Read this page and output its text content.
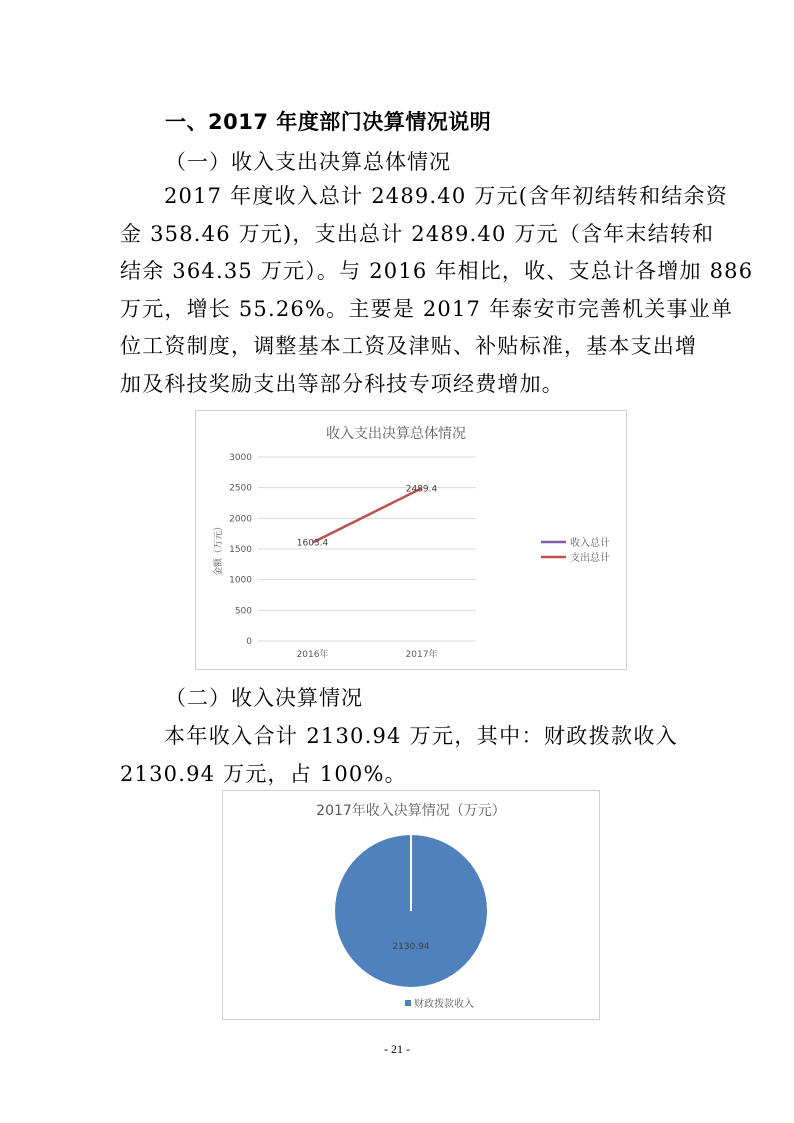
一、2017 年度部门决算情况说明
（一）收入支出决算总体情况
2017 年度收入总计 2489.40 万元(含年初结转和结余资
金 358.46 万元)，支出总计 2489.40 万元（含年末结转和
结余 364.35 万元）。与 2016 年相比，收、支总计各增加 886
万元，增长 55.26%。主要是 2017 年泰安市完善机关事业单
位工资制度，调整基本工资及津贴、补贴标准，基本支出增
加及科技奖励支出等部分科技专项经费增加。
收入支出决算总体情况
0
500
1000
1500
2000
2500
3000
2016年	2017年
金额（万元）	1603.4
2489.4
收入总计
支出总计
（二）收入决算情况
本年收入合计 2130.94 万元，其中：财政拨款收入
2130.94 万元，占 100%。
2017年收入决算情况（万元）
2130.94
财政拨款收入
- 21 -
